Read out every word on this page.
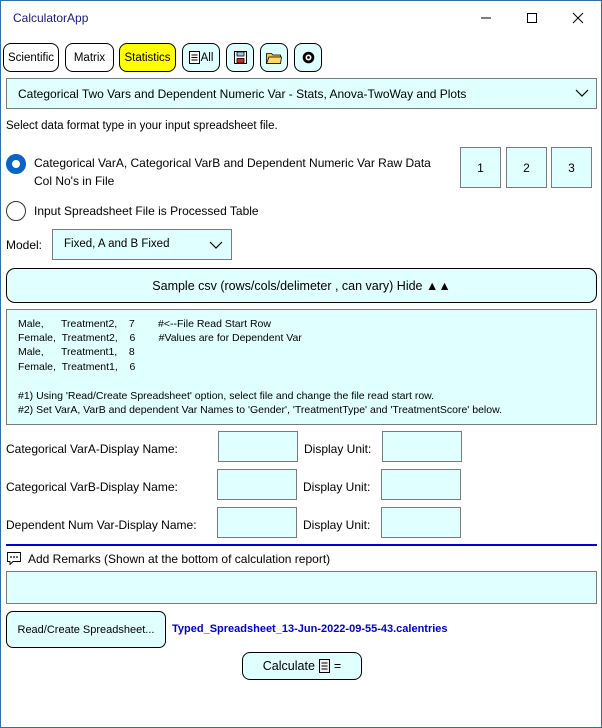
CalculatorApp
Scientific	Matrix	Statistics	All
Categorical Two Vars and Dependent Numeric Var - Stats, Anova-TwoWay and Plots
Select data format type in your input spreadsheet file.
Categorical VarA, Categorical VarB and Dependent Numeric Var Raw Data
Col No's in File
1	2	3
Input Spreadsheet File is Processed Table
Model: Fixed, A and B Fixed
Sample csv (rows/cols/delimeter , can vary) Hide ▲▲
Male,      Treatment2,    7        #<--File Read Start Row
Female,  Treatment2,    6        #Values are for Dependent Var
Male,      Treatment1,    8
Female,  Treatment1,    6
#1) Using 'Read/Create Spreadsheet' option, select file and change the file read start row.
#2) Set VarA, VarB and dependent Var Names to 'Gender', 'TreatmentType' and 'TreatmentScore' below.
Categorical VarA-Display Name:	Display Unit:
Categorical VarB-Display Name:	Display Unit:
Dependent Num Var-Display Name:	Display Unit:
Add Remarks (Shown at the bottom of calculation report)
Read/Create Spreadsheet...	Typed_Spreadsheet_13-Jun-2022-09-55-43.calentries
Calculate =
